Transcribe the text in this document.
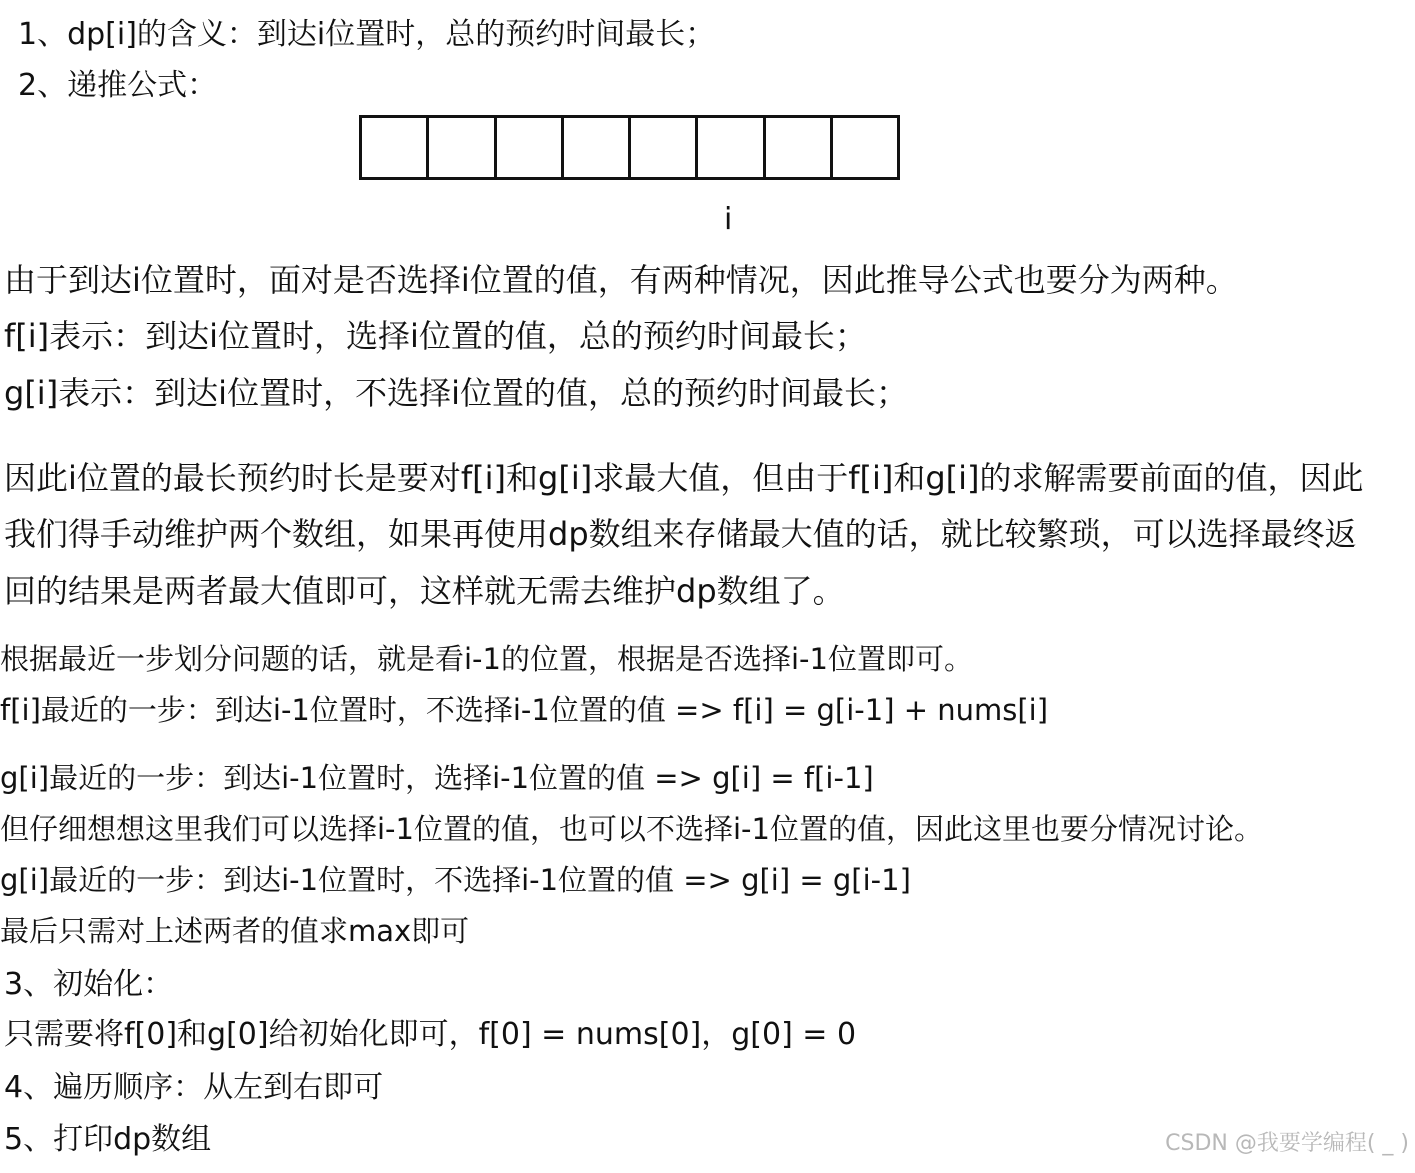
1、dp[i]的含义：到达i位置时，总的预约时间最长；
2、递推公式：
i
由于到达i位置时，面对是否选择i位置的值，有两种情况，因此推导公式也要分为两种。
f[i]表示：到达i位置时，选择i位置的值，总的预约时间最长；
g[i]表示：到达i位置时，不选择i位置的值，总的预约时间最长；
因此i位置的最长预约时长是要对f[i]和g[i]求最大值，但由于f[i]和g[i]的求解需要前面的值，因此
我们得手动维护两个数组，如果再使用dp数组来存储最大值的话，就比较繁琐，可以选择最终返
回的结果是两者最大值即可，这样就无需去维护dp数组了。
根据最近一步划分问题的话，就是看i-1的位置，根据是否选择i-1位置即可。
f[i]最近的一步：到达i-1位置时，不选择i-1位置的值 => f[i] = g[i-1] + nums[i]
g[i]最近的一步：到达i-1位置时，选择i-1位置的值 => g[i] = f[i-1]
但仔细想想这里我们可以选择i-1位置的值，也可以不选择i-1位置的值，因此这里也要分情况讨论。
g[i]最近的一步：到达i-1位置时，不选择i-1位置的值 => g[i] = g[i-1]
最后只需对上述两者的值求max即可
3、初始化：
只需要将f[0]和g[0]给初始化即可，f[0] = nums[0]，g[0] = 0
4、遍历顺序：从左到右即可
5、打印dp数组	CSDN @我要学编程( _ )
